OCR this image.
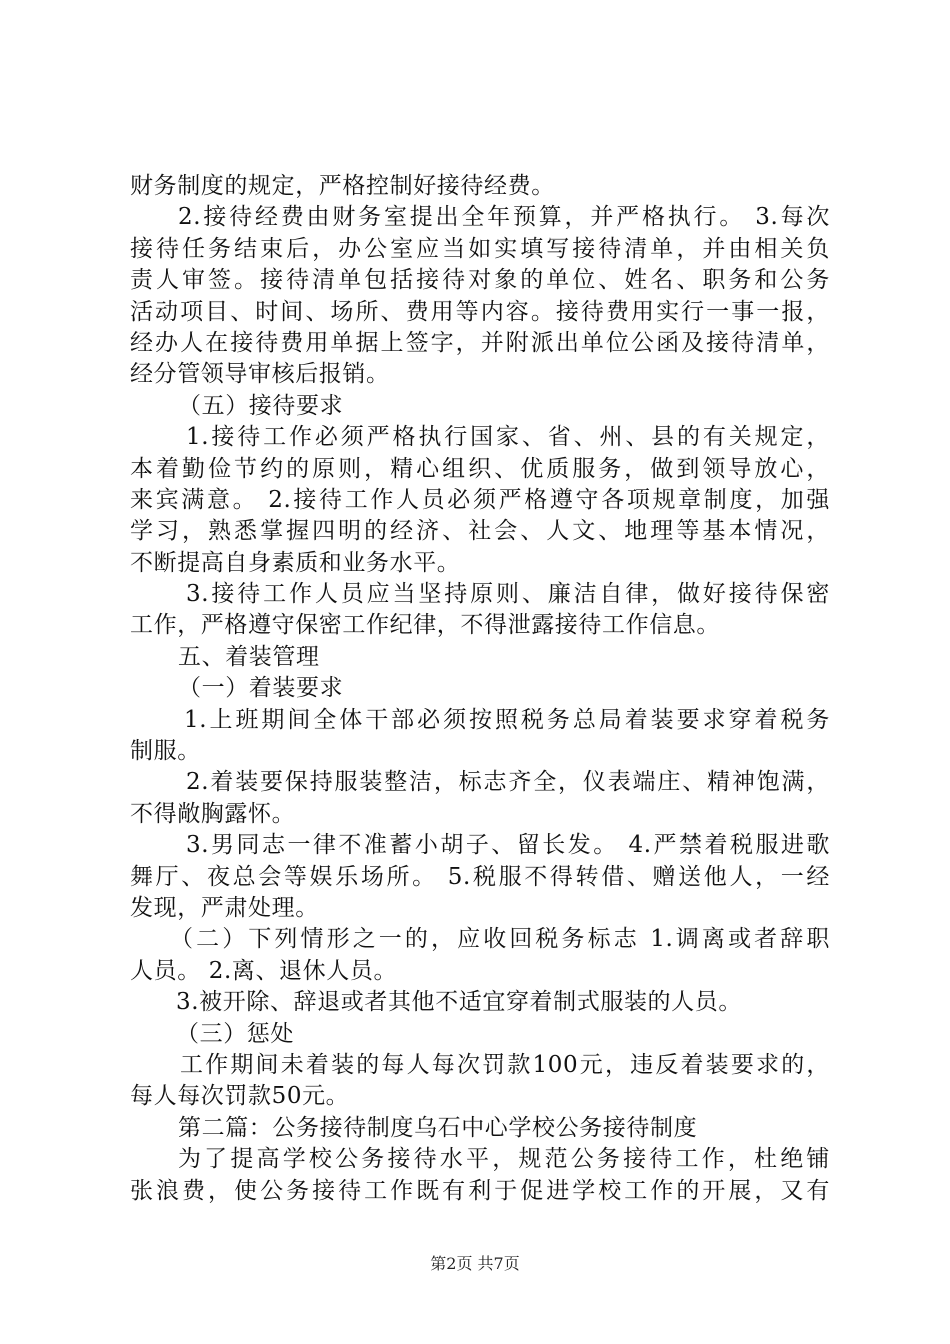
财务制度的规定，严格控制好接待经费。
2.接待经费由财务室提出全年预算，并严格执行。 3.每次
接待任务结束后，办公室应当如实填写接待清单，并由相关负
责人审签。接待清单包括接待对象的单位、姓名、职务和公务
活动项目、时间、场所、费用等内容。接待费用实行一事一报，
经办人在接待费用单据上签字，并附派出单位公函及接待清单，
经分管领导审核后报销。
（五）接待要求
1.接待工作必须严格执行国家、省、州、县的有关规定，
本着勤俭节约的原则，精心组织、优质服务，做到领导放心，
来宾满意。 2.接待工作人员必须严格遵守各项规章制度，加强
学习，熟悉掌握四明的经济、社会、人文、地理等基本情况，
不断提高自身素质和业务水平。
3.接待工作人员应当坚持原则、廉洁自律，做好接待保密
工作，严格遵守保密工作纪律，不得泄露接待工作信息。
五、着装管理
（一）着装要求
1.上班期间全体干部必须按照税务总局着装要求穿着税务
制服。
2.着装要保持服装整洁，标志齐全，仪表端庄、精神饱满，
不得敞胸露怀。
3.男同志一律不准蓄小胡子、留长发。 4.严禁着税服进歌
舞厅、夜总会等娱乐场所。 5.税服不得转借、赠送他人，一经
发现，严肃处理。
（二）下列情形之一的，应收回税务标志 1.调离或者辞职
人员。 2.离、退休人员。
3.被开除、辞退或者其他不适宜穿着制式服装的人员。
（三）惩处
工作期间未着装的每人每次罚款100元，违反着装要求的，
每人每次罚款50元。
第二篇：公务接待制度乌石中心学校公务接待制度
为了提高学校公务接待水平，规范公务接待工作，杜绝铺
张浪费，使公务接待工作既有利于促进学校工作的开展，又有
第2页 共7页
